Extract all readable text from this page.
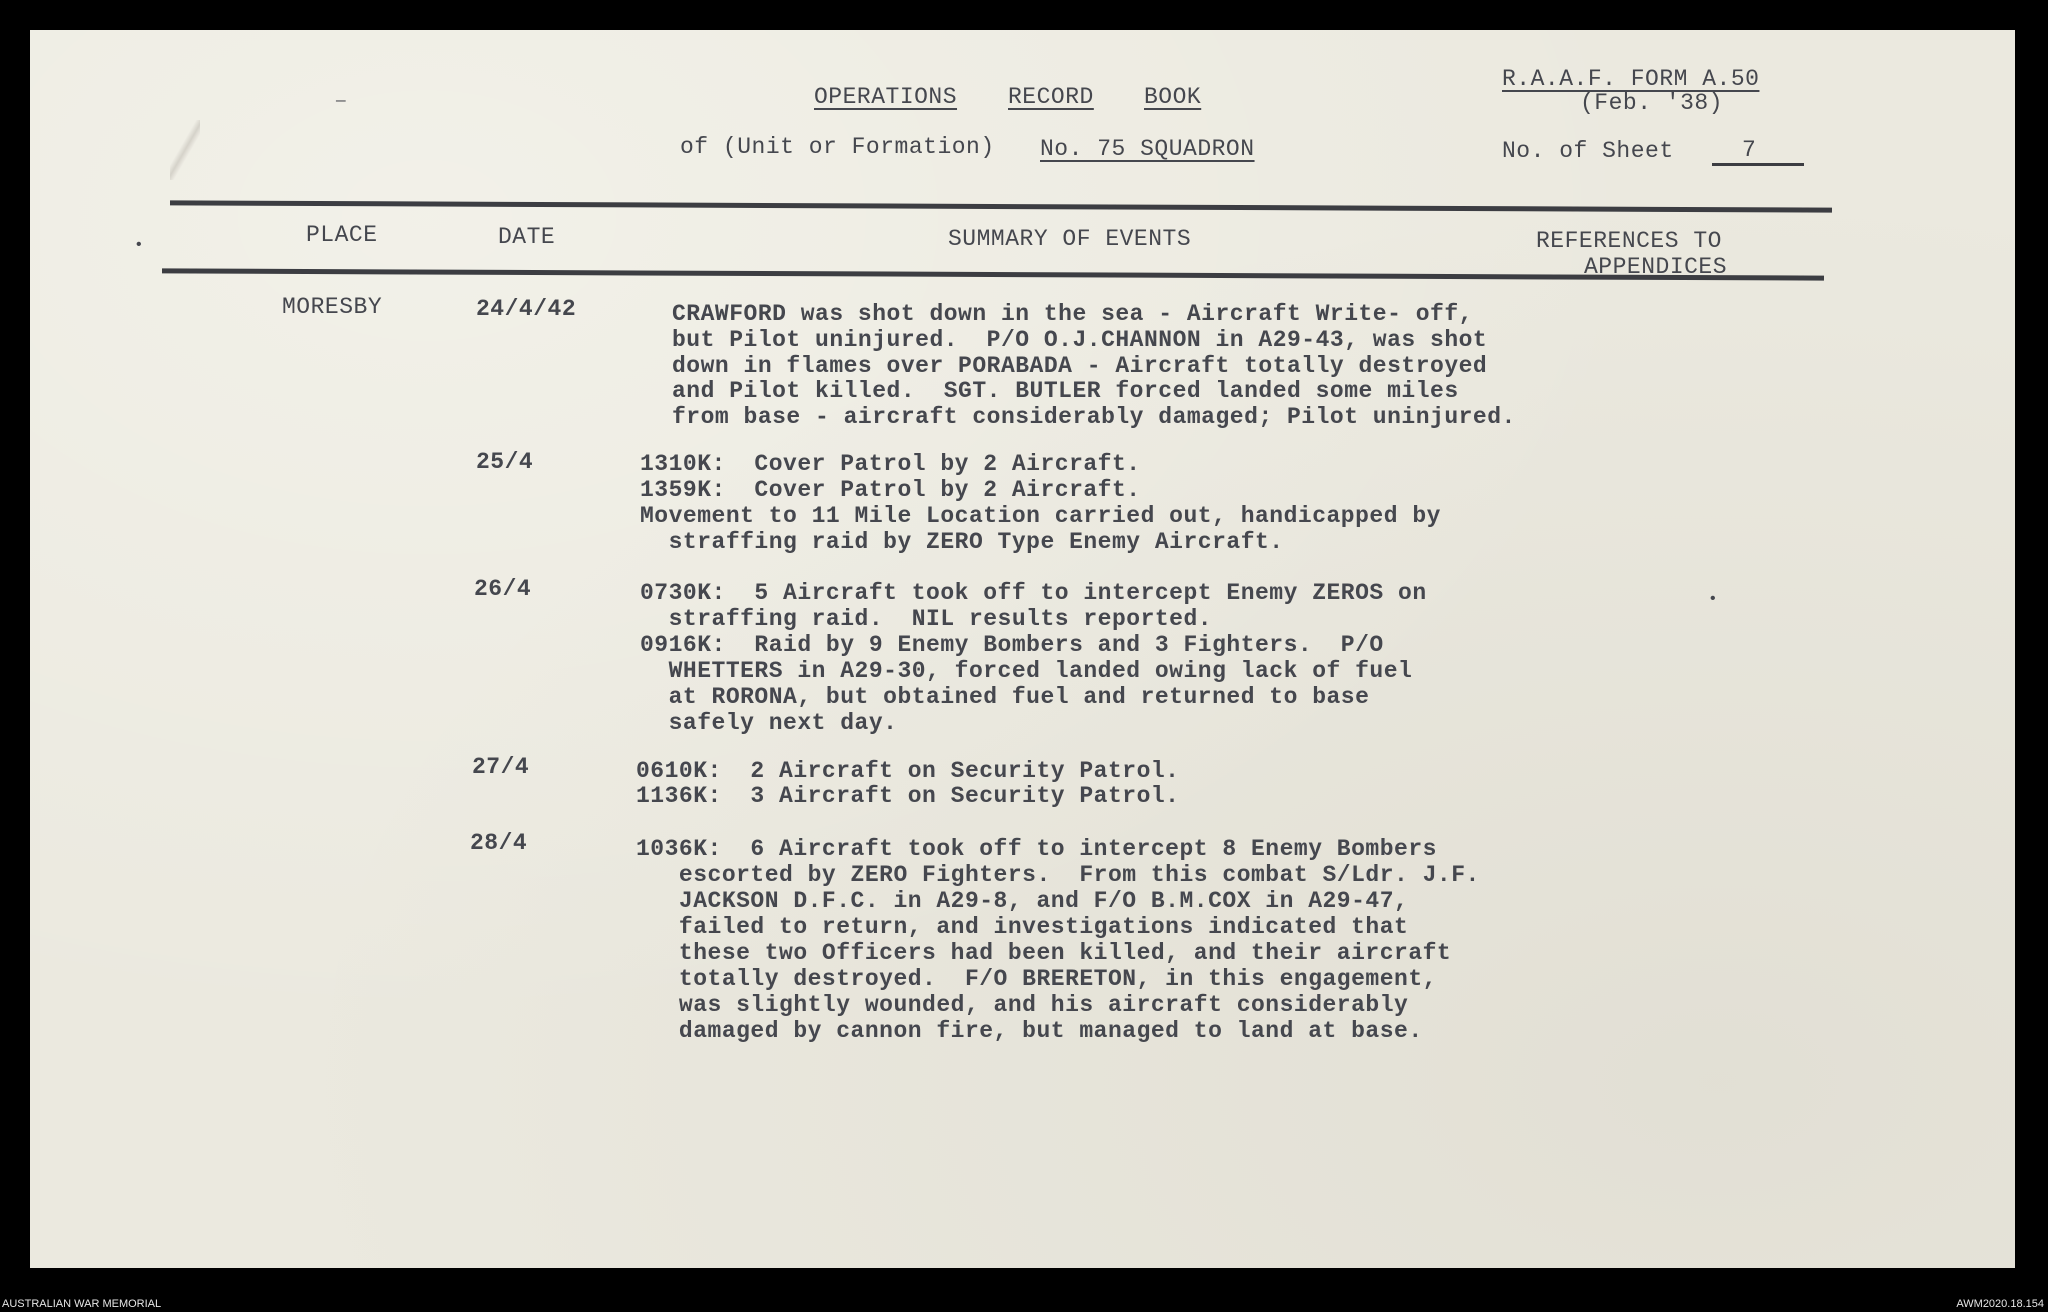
OPERATIONS RECORD BOOK
of (Unit or Formation) No. 75 SQUADRON
R.A.A.F. FORM A.50
(Feb. '38)
No. of Sheet	7
PLACE	DATE	SUMMARY OF EVENTS	REFERENCES TO
APPENDICES
MORESBY	24/4/42	CRAWFORD was shot down in the sea - Aircraft Write- off,
but Pilot uninjured.  P/O O.J.CHANNON in A29-43, was shot
down in flames over PORABADA - Aircraft totally destroyed
and Pilot killed.  SGT. BUTLER forced landed some miles
from base - aircraft considerably damaged; Pilot uninjured.
25/4	1310K:  Cover Patrol by 2 Aircraft.
1359K:  Cover Patrol by 2 Aircraft.
Movement to 11 Mile Location carried out, handicapped by
straffing raid by ZERO Type Enemy Aircraft.
26/4	0730K:  5 Aircraft took off to intercept Enemy ZEROS on
straffing raid.  NIL results reported.
0916K:  Raid by 9 Enemy Bombers and 3 Fighters.  P/O
WHETTERS in A29-30, forced landed owing lack of fuel
at RORONA, but obtained fuel and returned to base
safely next day.
27/4	0610K:  2 Aircraft on Security Patrol.
1136K:  3 Aircraft on Security Patrol.
28/4	1036K:  6 Aircraft took off to intercept 8 Enemy Bombers
escorted by ZERO Fighters.  From this combat S/Ldr. J.F.
JACKSON D.F.C. in A29-8, and F/O B.M.COX in A29-47,
failed to return, and investigations indicated that
these two Officers had been killed, and their aircraft
totally destroyed.  F/O BRERETON, in this engagement,
was slightly wounded, and his aircraft considerably
damaged by cannon fire, but managed to land at base.
—
•
•
AUSTRALIAN WAR MEMORIAL	AWM2020.18.154
